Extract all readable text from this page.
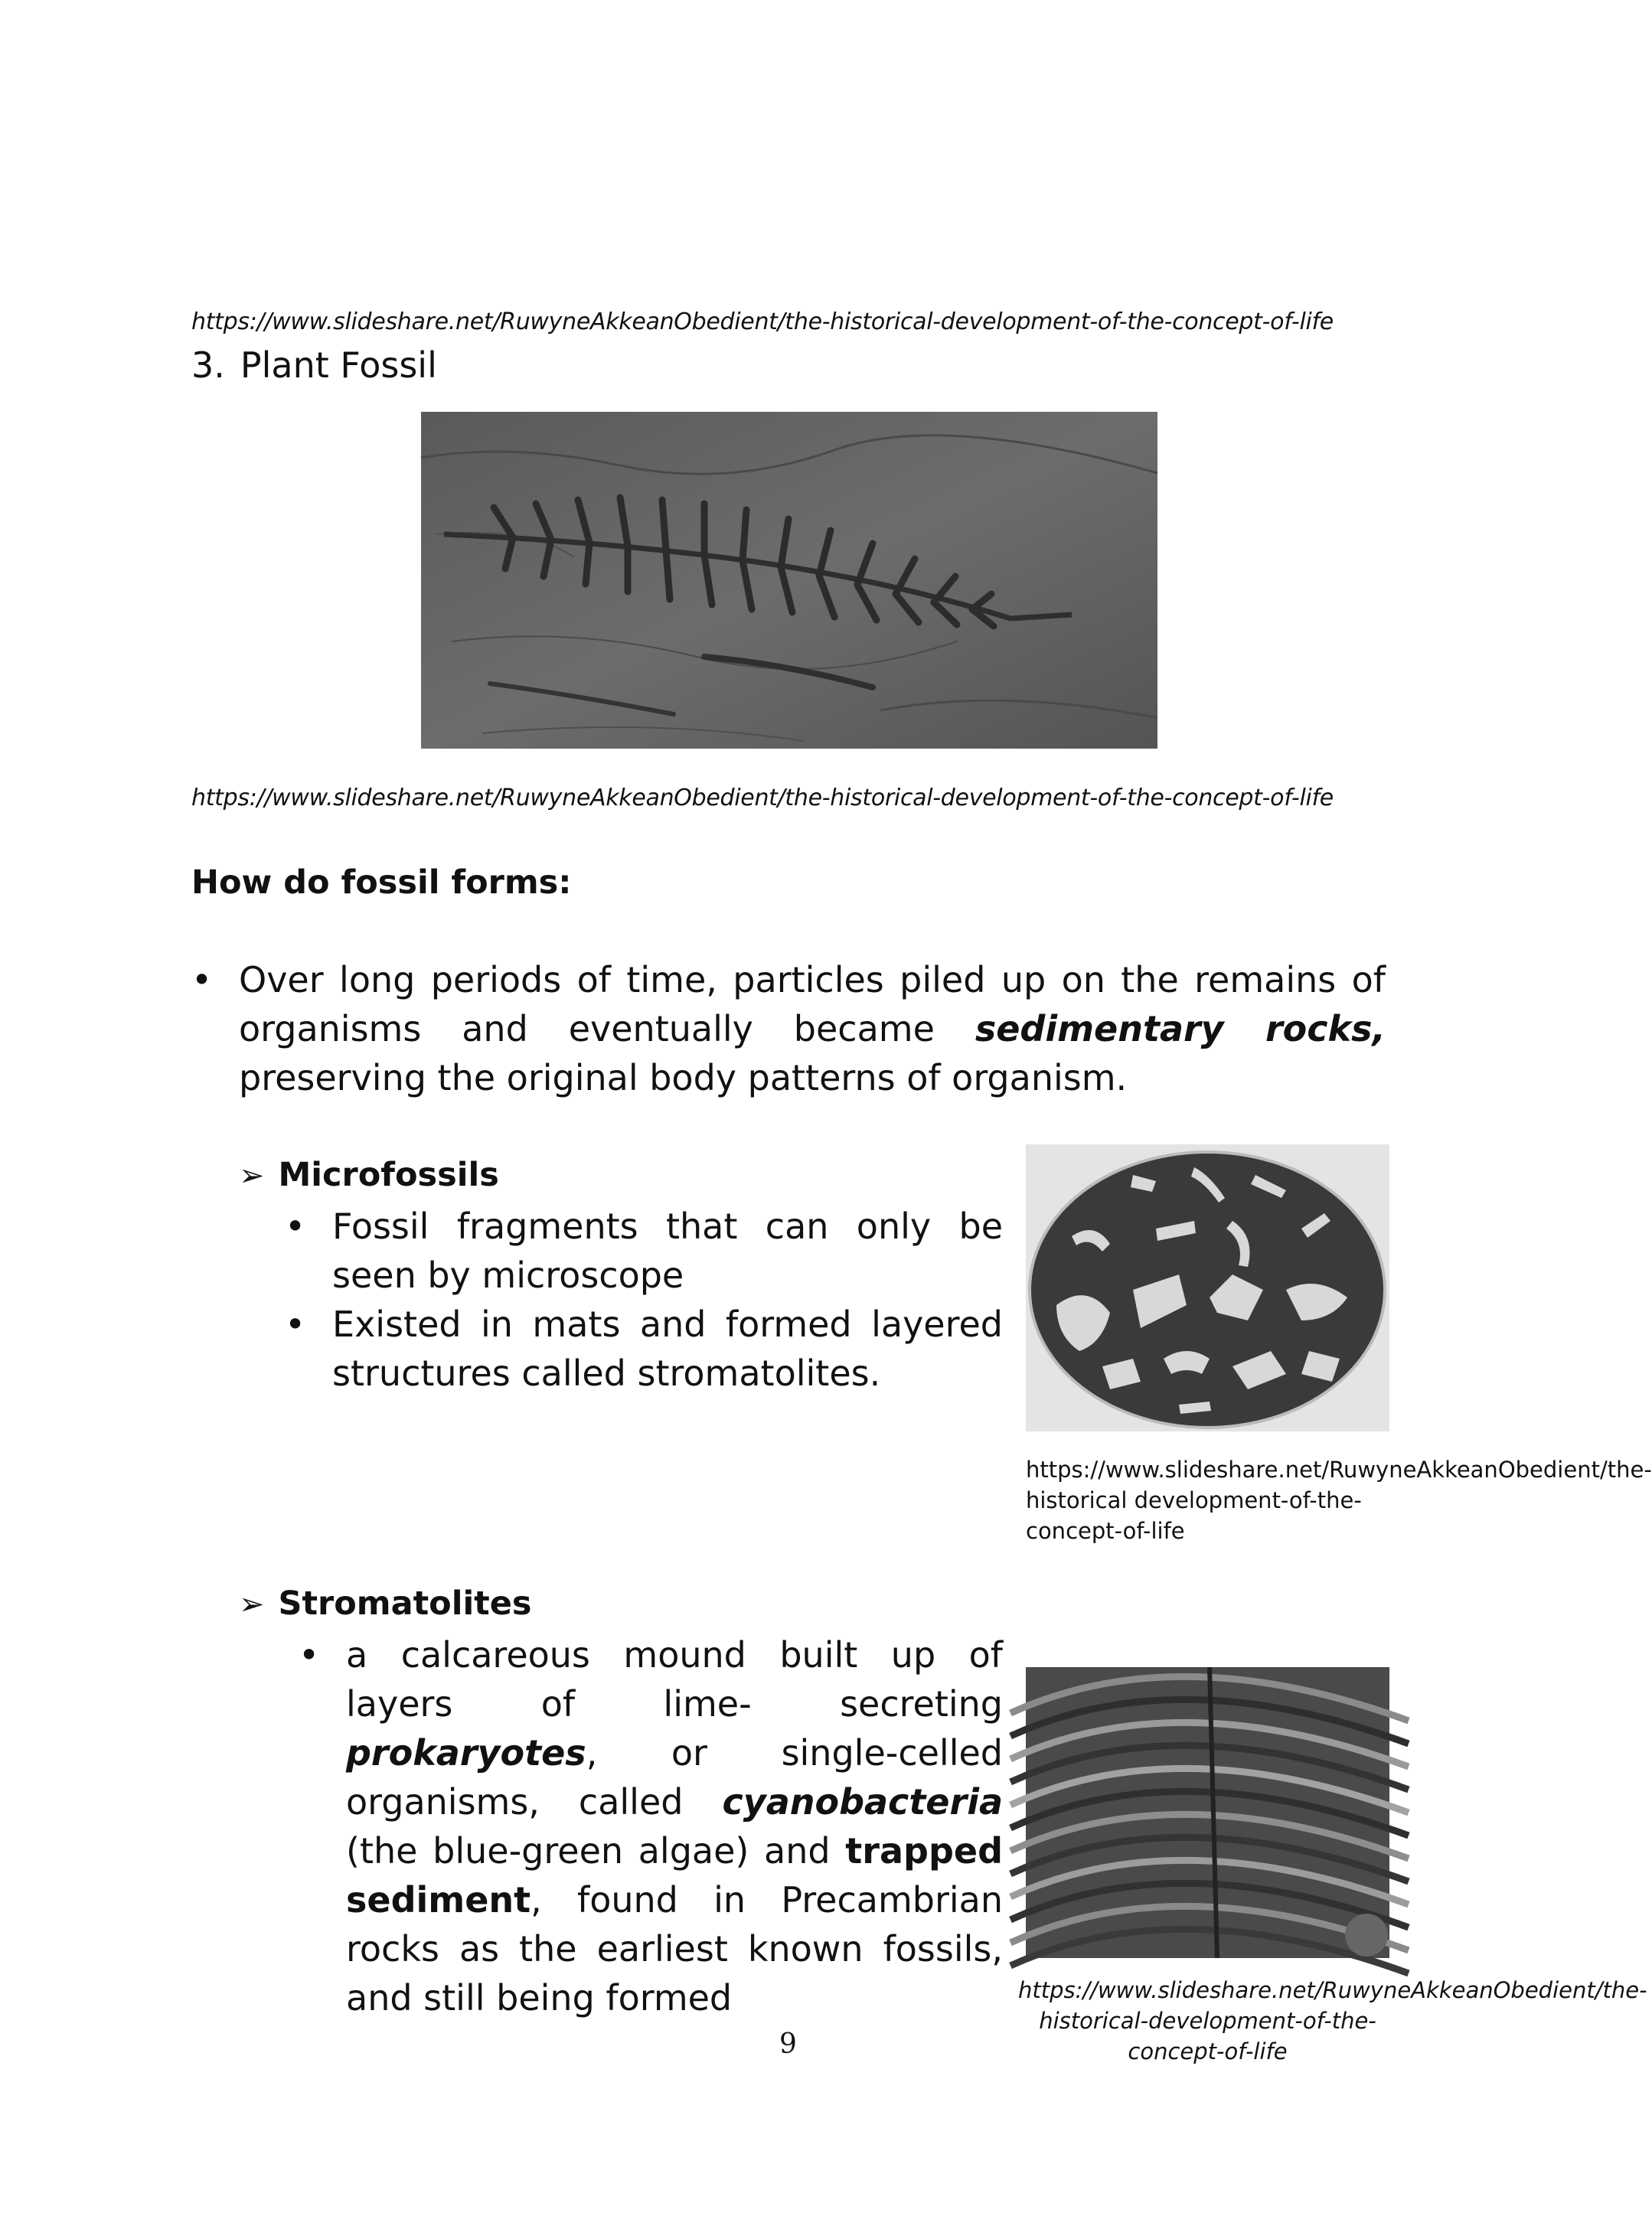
https://www.slideshare.net/RuwyneAkkeanObedient/the-historical-development-of-the-concept-of-life
3. Plant Fossil
https://www.slideshare.net/RuwyneAkkeanObedient/the-historical-development-of-the-concept-of-life
How do fossil forms:
• Over long periods of time, particles piled up on the remains of organisms and eventually became sedimentary rocks, preserving the original body patterns of organism.
➢ Microfossils
• Fossil fragments that can only be seen by microscope
• Existed in mats and formed layered structures called stromatolites.
https://www.slideshare.net/RuwyneAkkeanObedient/the-historical development-of-the-concept-of-life
➢ Stromatolites
• a calcareous mound built up of layers of lime- secreting prokaryotes, or single-celled organisms, called cyanobacteria (the blue-green algae) and trapped sediment, found in Precambrian rocks as the earliest known fossils, and still being formed	https://www.slideshare.net/RuwyneAkkeanObedient/the-historical-development-of-the-concept-of-life
9
